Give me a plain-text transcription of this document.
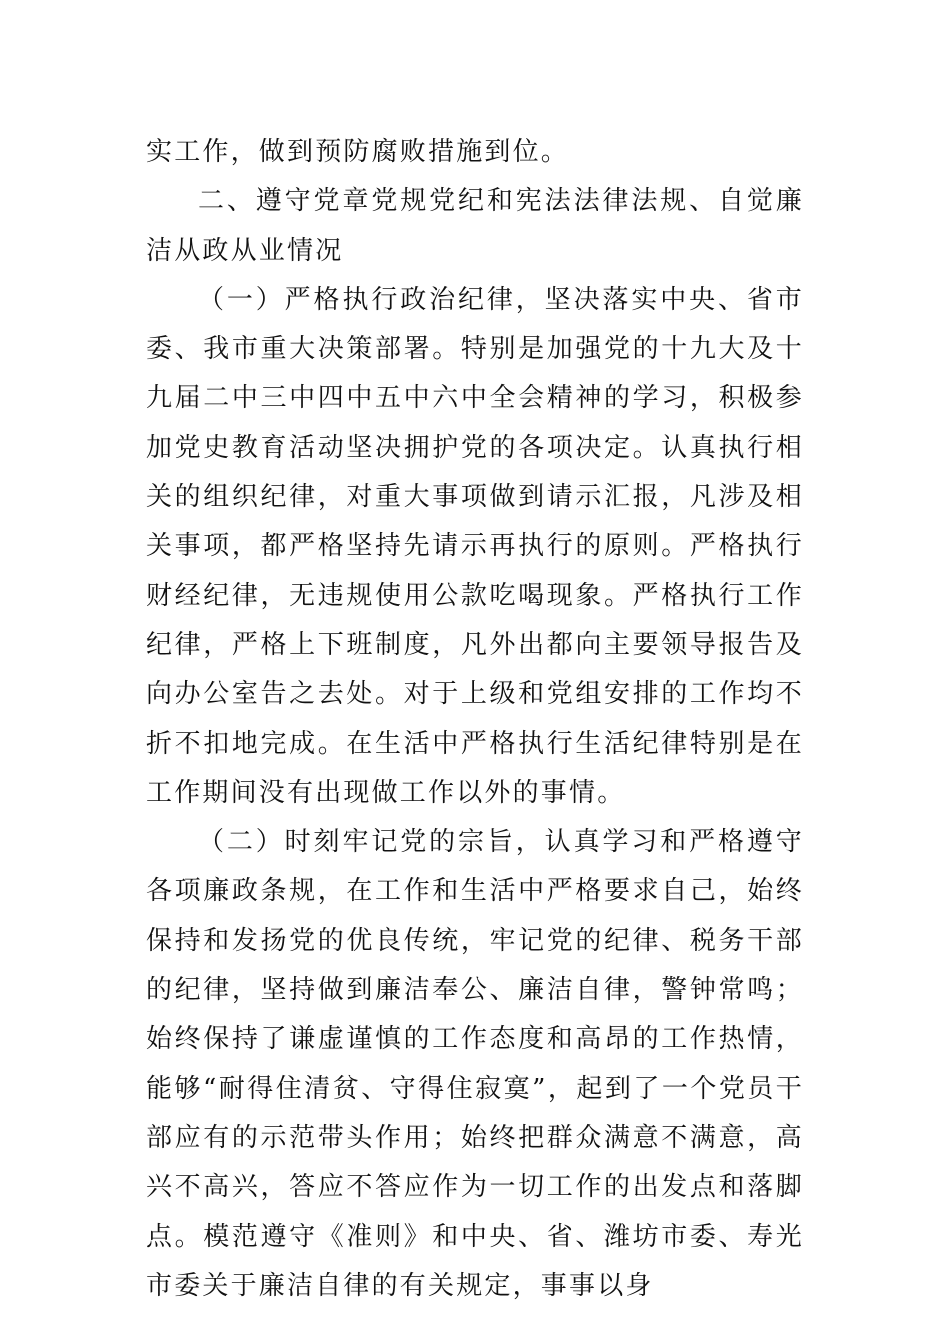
实工作，做到预防腐败措施到位。

二、遵守党章党规党纪和宪法法律法规、自觉廉洁从政从业情况

（一）严格执行政治纪律，坚决落实中央、省市委、我市重大决策部署。特别是加强党的十九大及十九届二中三中四中五中六中全会精神的学习，积极参加党史教育活动坚决拥护党的各项决定。认真执行相关的组织纪律，对重大事项做到请示汇报，凡涉及相关事项，都严格坚持先请示再执行的原则。严格执行财经纪律，无违规使用公款吃喝现象。严格执行工作纪律，严格上下班制度，凡外出都向主要领导报告及向办公室告之去处。对于上级和党组安排的工作均不折不扣地完成。在生活中严格执行生活纪律特别是在工作期间没有出现做工作以外的事情。

（二）时刻牢记党的宗旨，认真学习和严格遵守各项廉政条规，在工作和生活中严格要求自己，始终保持和发扬党的优良传统，牢记党的纪律、税务干部的纪律，坚持做到廉洁奉公、廉洁自律，警钟常鸣；始终保持了谦虚谨慎的工作态度和高昂的工作热情，能够“耐得住清贫、守得住寂寞”，起到了一个党员干部应有的示范带头作用；始终把群众满意不满意，高兴不高兴，答应不答应作为一切工作的出发点和落脚点。模范遵守《准则》和中央、省、潍坊市委、寿光市委关于廉洁自律的有关规定，事事以身
